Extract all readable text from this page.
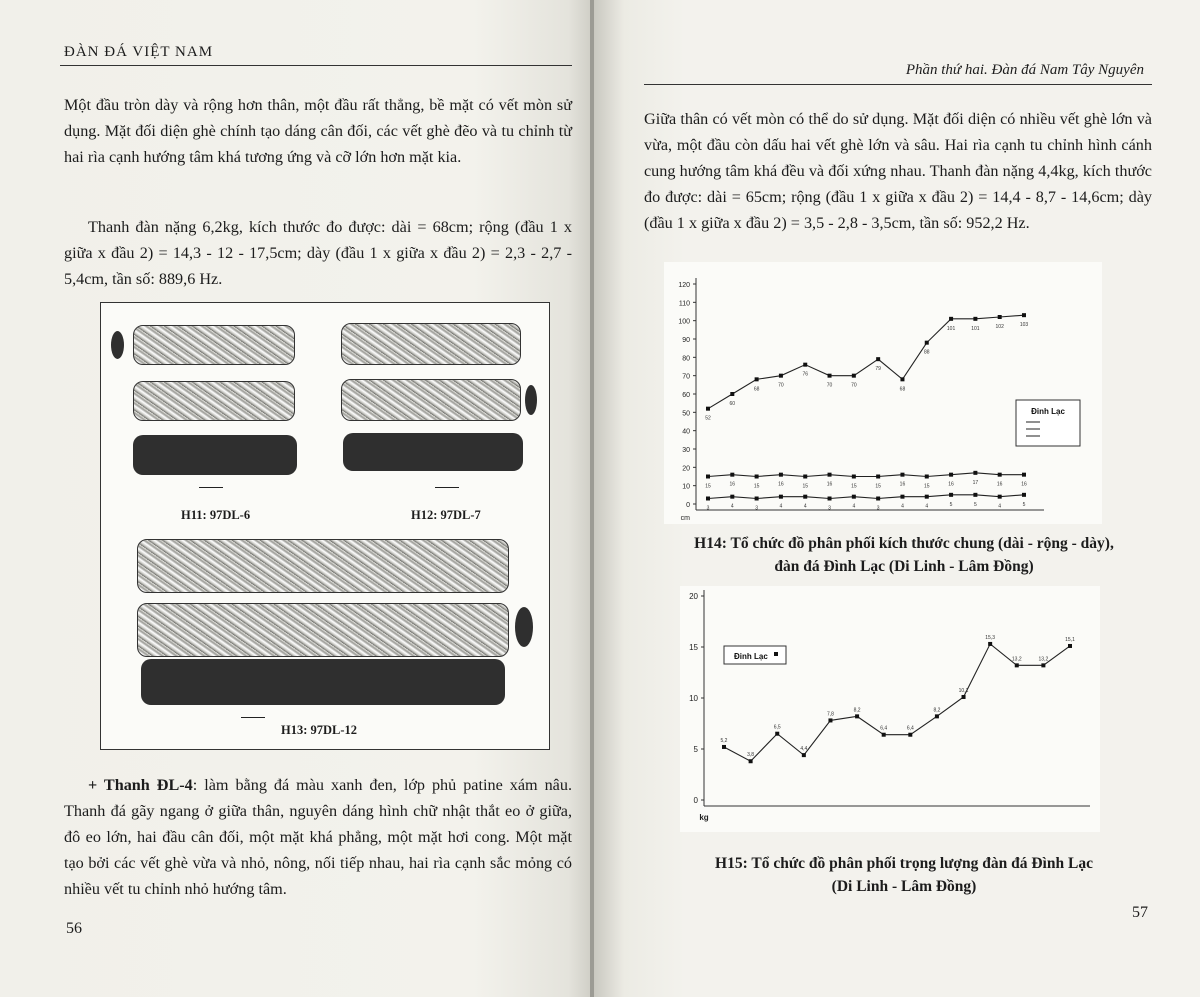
ĐÀN ĐÁ VIỆT NAM

Một đầu tròn dày và rộng hơn thân, một đầu rất thẳng, bề mặt có vết mòn sử dụng. Mặt đối diện ghè chính tạo dáng cân đối, các vết ghè đẽo và tu chỉnh từ hai rìa cạnh hướng tâm khá tương ứng và cỡ lớn hơn mặt kia.

Thanh đàn nặng 6,2kg, kích thước đo được: dài = 68cm; rộng (đầu 1 x giữa x đầu 2) = 14,3 - 12 - 17,5cm; dày (đầu 1 x giữa x đầu 2) = 2,3 - 2,7 - 5,4cm, tần số: 889,6 Hz.

H11: 97DL-6	H12: 97DL-7
H13: 97DL-12

+ Thanh ĐL-4: làm bằng đá màu xanh đen, lớp phủ patine xám nâu. Thanh đá gãy ngang ở giữa thân, nguyên dáng hình chữ nhật thắt eo ở giữa, đô eo lớn, hai đầu cân đối, một mặt khá phẳng, một mặt hơi cong. Một mặt tạo bởi các vết ghè vừa và nhỏ, nông, nối tiếp nhau, hai rìa cạnh sắc mỏng có nhiều vết tu chỉnh nhỏ hướng tâm.

56
Phần thứ hai. Đàn đá Nam Tây Nguyên

Giữa thân có vết mòn có thể do sử dụng. Mặt đối diện có nhiều vết ghè lớn và vừa, một đầu còn dấu hai vết ghè lớn và sâu. Hai rìa cạnh tu chỉnh hình cánh cung hướng tâm khá đều và đối xứng nhau. Thanh đàn nặng 4,4kg, kích thước đo được: dài = 65cm; rộng (đầu 1 x giữa x đầu 2) = 14,4 - 8,7 - 14,6cm; dày (đầu 1 x giữa x đầu 2) = 3,5 - 2,8 - 3,5cm, tần số: 952,2 Hz.

120
110
100
90
80
70
60
50
40
30
20
10
0
cm
52
60
68
70
76
70	70
79
68
88
101	101	102	103
15	16	15	16	15	16	15	15	16	15	16	17	16	16
3	4	3	4	4	3	4	3	4	4	5	5	4	5
Đinh Lạc
H14: Tổ chức đồ phân phối kích thước chung (dài - rộng - dày),
đàn đá Đình Lạc (Di Linh - Lâm Đồng)
20
15
10
5
0
kg
5,2
3,8
6,5
4,4
7,8
8,2
6,4	6,4
8,2
10,1
15,3
13,2	13,2
15,1
Đinh Lạc
H15: Tổ chức đồ phân phối trọng lượng đàn đá Đình Lạc
(Di Linh - Lâm Đồng)
57
